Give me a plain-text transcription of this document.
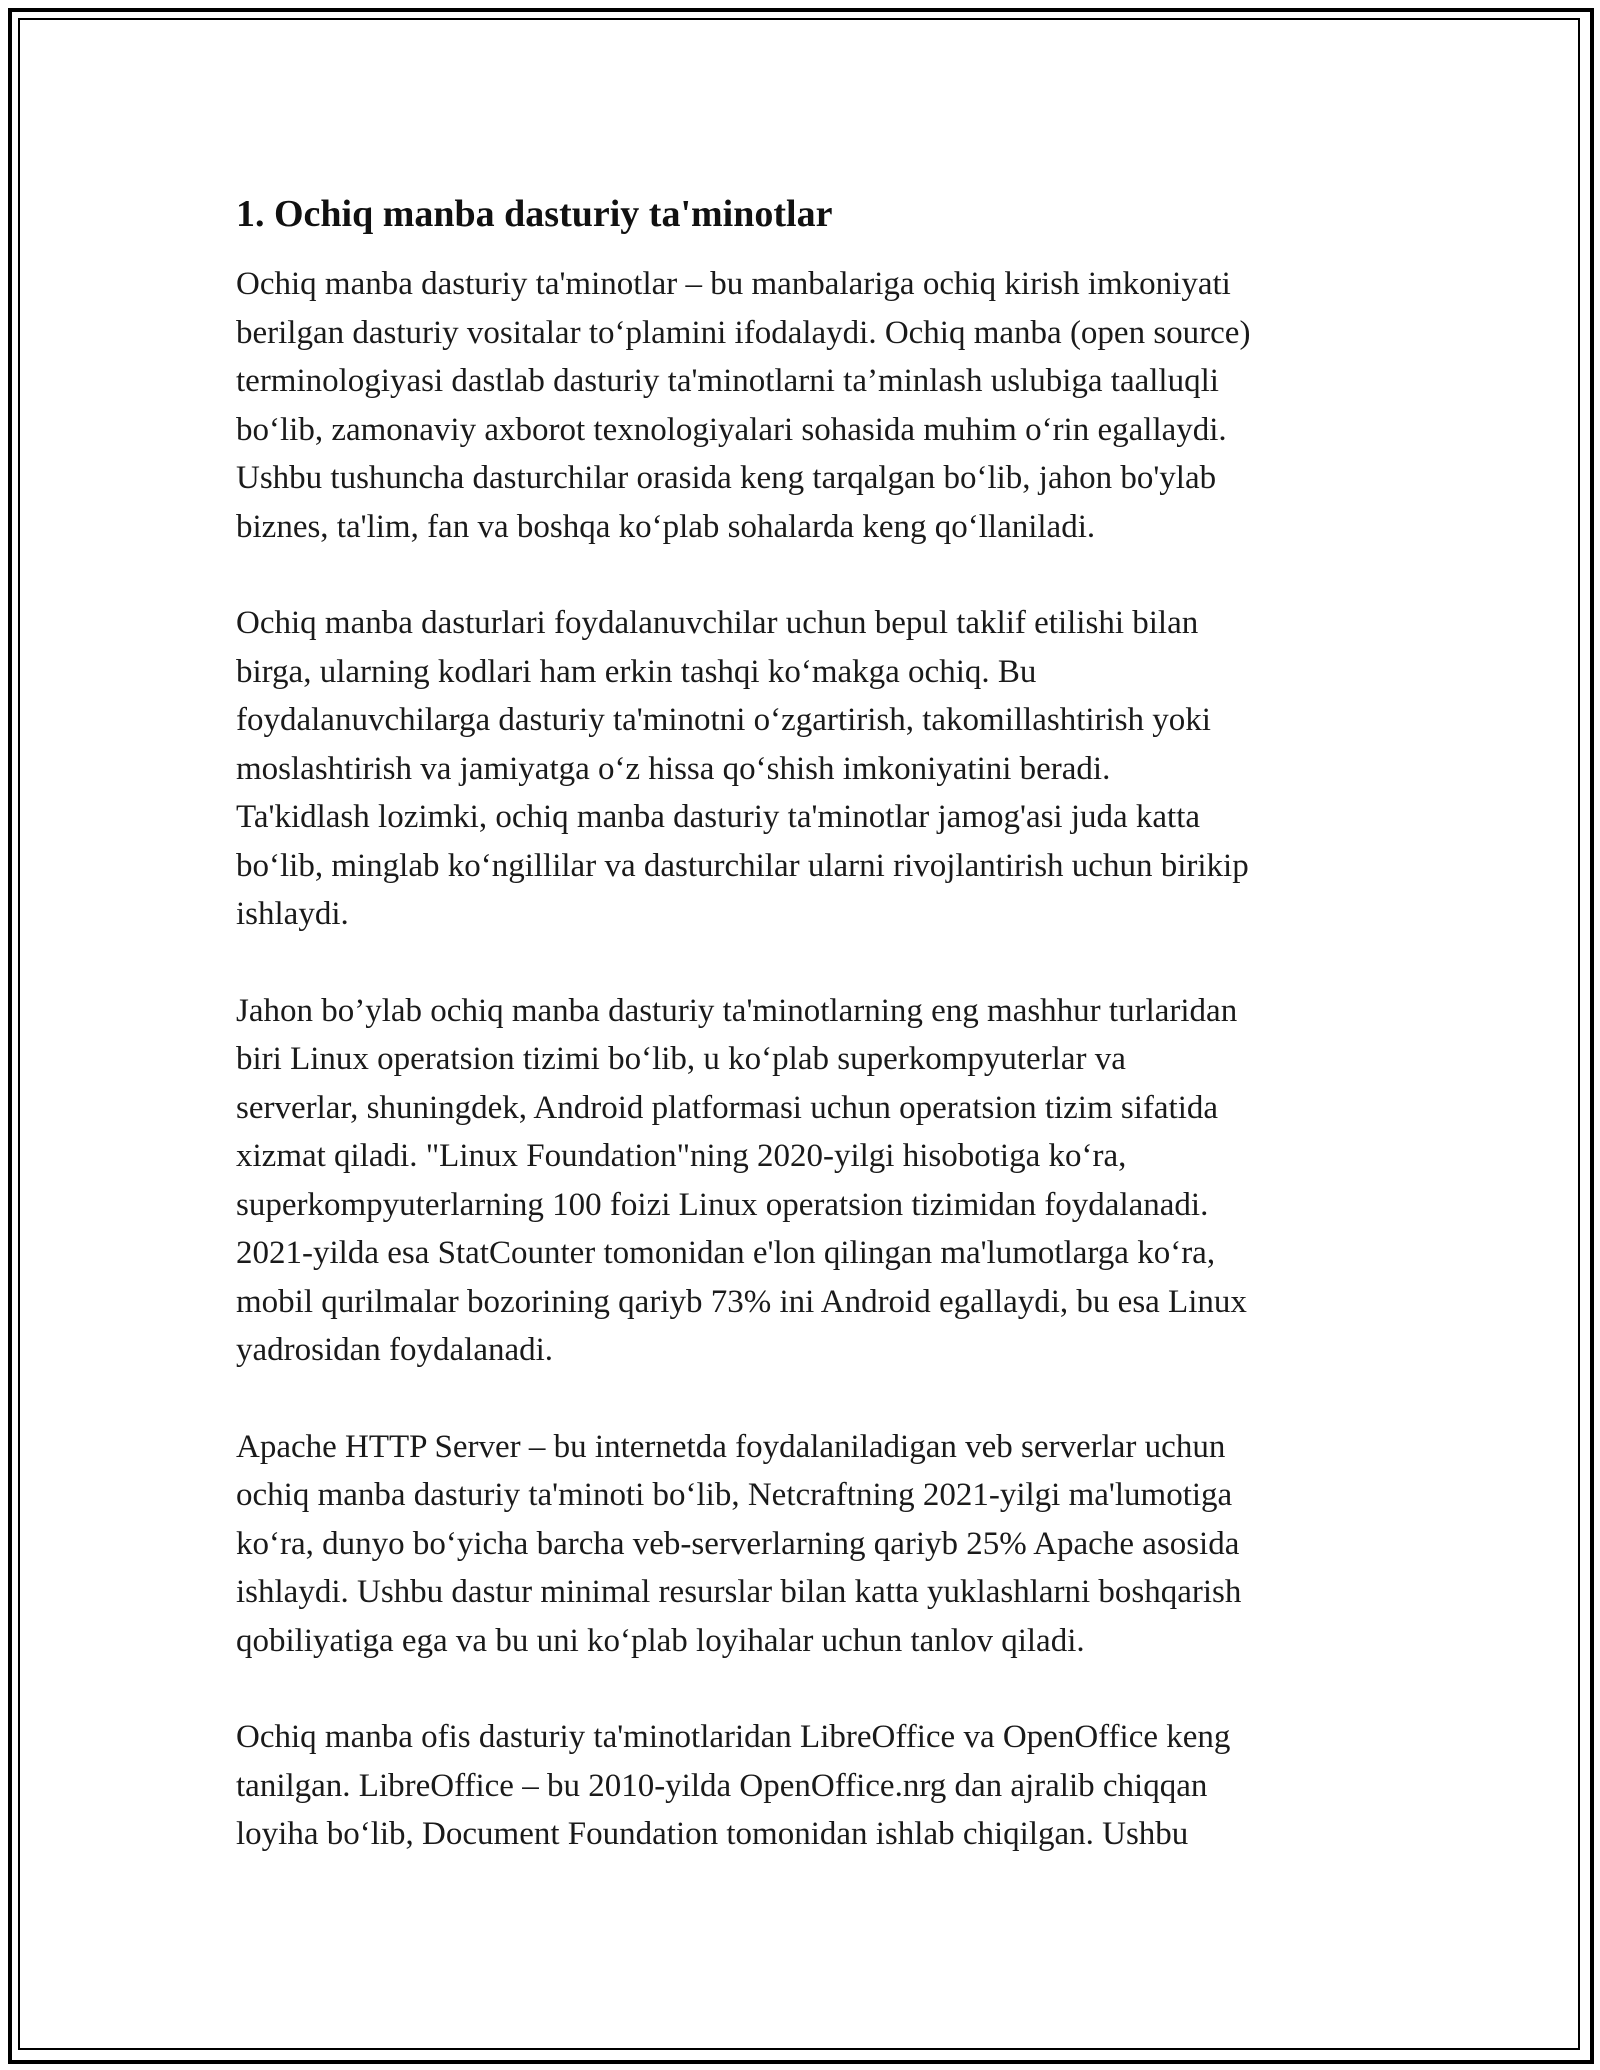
1. Ochiq manba dasturiy ta'minotlar

Ochiq manba dasturiy ta'minotlar – bu manbalariga ochiq kirish imkoniyati
berilgan dasturiy vositalar to‘plamini ifodalaydi. Ochiq manba (open source)
terminologiyasi dastlab dasturiy ta'minotlarni ta’minlash uslubiga taalluqli
bo‘lib, zamonaviy axborot texnologiyalari sohasida muhim o‘rin egallaydi.
Ushbu tushuncha dasturchilar orasida keng tarqalgan bo‘lib, jahon bo'ylab
biznes, ta'lim, fan va boshqa ko‘plab sohalarda keng qo‘llaniladi.

Ochiq manba dasturlari foydalanuvchilar uchun bepul taklif etilishi bilan
birga, ularning kodlari ham erkin tashqi ko‘makga ochiq. Bu
foydalanuvchilarga dasturiy ta'minotni o‘zgartirish, takomillashtirish yoki
moslashtirish va jamiyatga o‘z hissa qo‘shish imkoniyatini beradi.
Ta'kidlash lozimki, ochiq manba dasturiy ta'minotlar jamog'asi juda katta
bo‘lib, minglab ko‘ngillilar va dasturchilar ularni rivojlantirish uchun birikip
ishlaydi.

Jahon bo’ylab ochiq manba dasturiy ta'minotlarning eng mashhur turlaridan
biri Linux operatsion tizimi bo‘lib, u ko‘plab superkompyuterlar va
serverlar, shuningdek, Android platformasi uchun operatsion tizim sifatida
xizmat qiladi. "Linux Foundation"ning 2020-yilgi hisobotiga ko‘ra,
superkompyuterlarning 100 foizi Linux operatsion tizimidan foydalanadi.
2021-yilda esa StatCounter tomonidan e'lon qilingan ma'lumotlarga ko‘ra,
mobil qurilmalar bozorining qariyb 73% ini Android egallaydi, bu esa Linux
yadrosidan foydalanadi.

Apache HTTP Server – bu internetda foydalaniladigan veb serverlar uchun
ochiq manba dasturiy ta'minoti bo‘lib, Netcraftning 2021-yilgi ma'lumotiga
ko‘ra, dunyo bo‘yicha barcha veb-serverlarning qariyb 25% Apache asosida
ishlaydi. Ushbu dastur minimal resurslar bilan katta yuklashlarni boshqarish
qobiliyatiga ega va bu uni ko‘plab loyihalar uchun tanlov qiladi.

Ochiq manba ofis dasturiy ta'minotlaridan LibreOffice va OpenOffice keng
tanilgan. LibreOffice – bu 2010-yilda OpenOffice.nrg dan ajralib chiqqan
loyiha bo‘lib, Document Foundation tomonidan ishlab chiqilgan. Ushbu
